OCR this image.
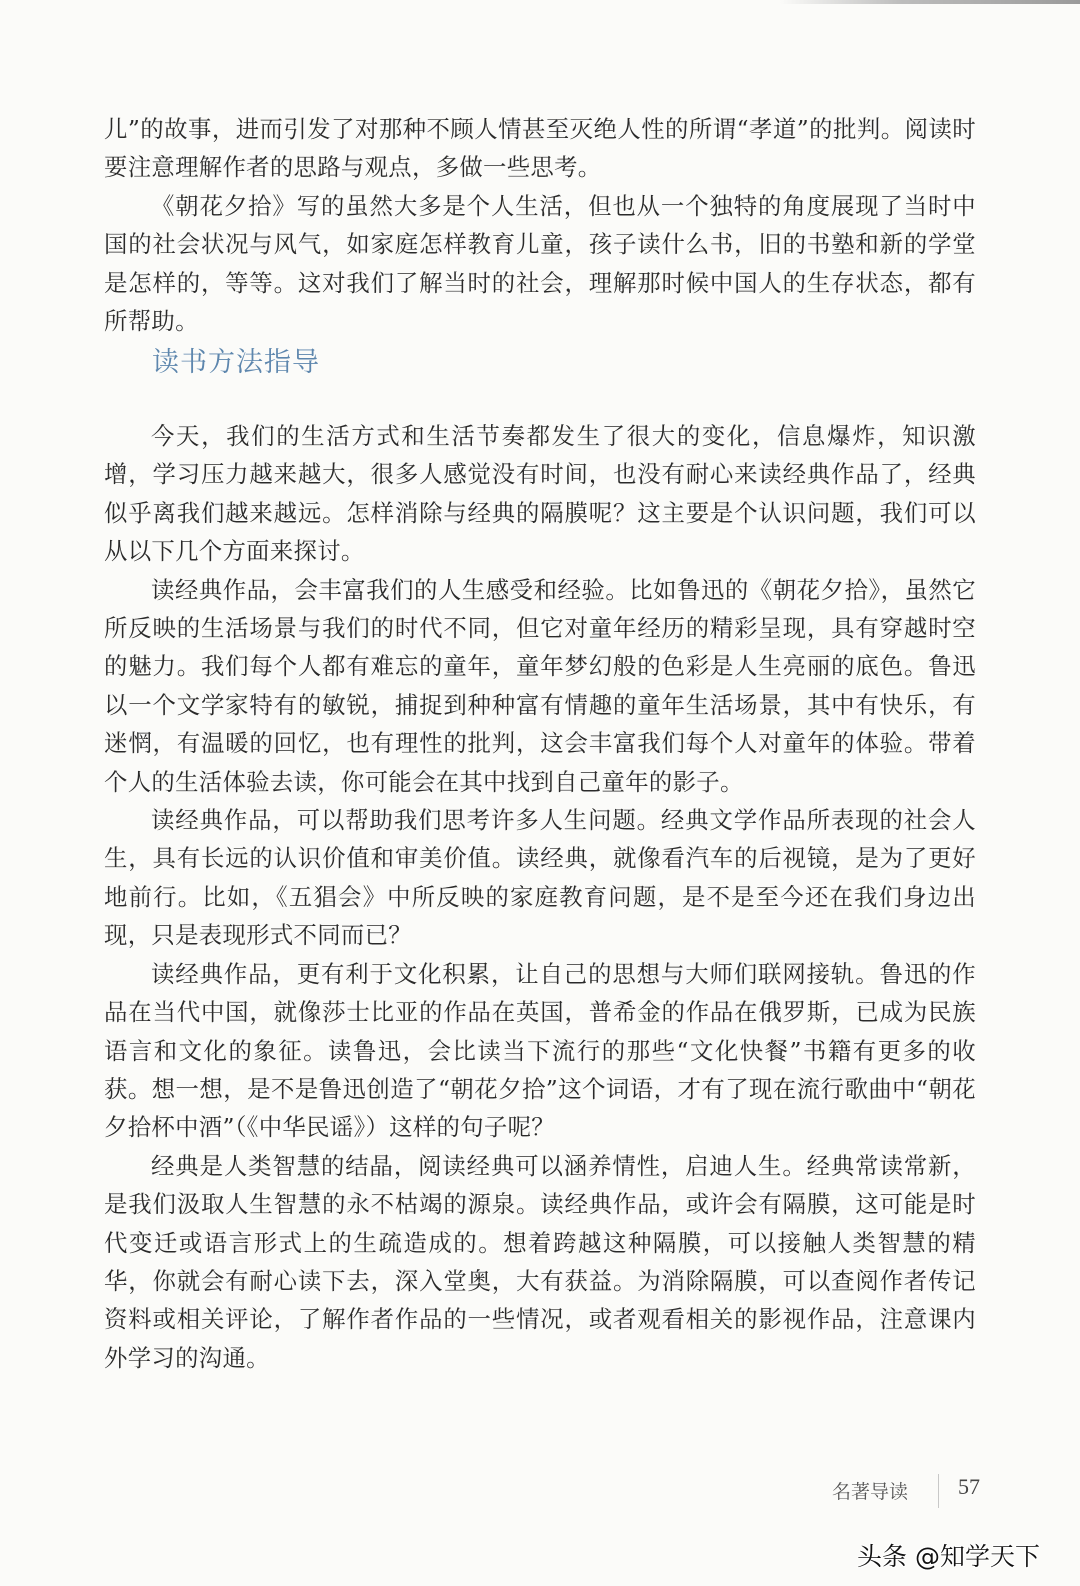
儿”的故事，进而引发了对那种不顾人情甚至灭绝人性的所谓“孝道”的批判。阅读时要注意理解作者的思路与观点，多做一些思考。

《朝花夕拾》写的虽然大多是个人生活，但也从一个独特的角度展现了当时中国的社会状况与风气，如家庭怎样教育儿童，孩子读什么书，旧的书塾和新的学堂是怎样的，等等。这对我们了解当时的社会，理解那时候中国人的生存状态，都有所帮助。

读书方法指导

今天，我们的生活方式和生活节奏都发生了很大的变化，信息爆炸，知识激增，学习压力越来越大，很多人感觉没有时间，也没有耐心来读经典作品了，经典似乎离我们越来越远。怎样消除与经典的隔膜呢？这主要是个认识问题，我们可以从以下几个方面来探讨。

读经典作品，会丰富我们的人生感受和经验。比如鲁迅的《朝花夕拾》，虽然它所反映的生活场景与我们的时代不同，但它对童年经历的精彩呈现，具有穿越时空的魅力。我们每个人都有难忘的童年，童年梦幻般的色彩是人生亮丽的底色。鲁迅以一个文学家特有的敏锐，捕捉到种种富有情趣的童年生活场景，其中有快乐，有迷惘，有温暖的回忆，也有理性的批判，这会丰富我们每个人对童年的体验。带着个人的生活体验去读，你可能会在其中找到自己童年的影子。

读经典作品，可以帮助我们思考许多人生问题。经典文学作品所表现的社会人生，具有长远的认识价值和审美价值。读经典，就像看汽车的后视镜，是为了更好地前行。比如，《五猖会》中所反映的家庭教育问题，是不是至今还在我们身边出现，只是表现形式不同而已？

读经典作品，更有利于文化积累，让自己的思想与大师们联网接轨。鲁迅的作品在当代中国，就像莎士比亚的作品在英国，普希金的作品在俄罗斯，已成为民族语言和文化的象征。读鲁迅，会比读当下流行的那些“文化快餐”书籍有更多的收获。想一想，是不是鲁迅创造了“朝花夕拾”这个词语，才有了现在流行歌曲中“朝花夕拾杯中酒”（《中华民谣》）这样的句子呢？

经典是人类智慧的结晶，阅读经典可以涵养情性，启迪人生。经典常读常新，是我们汲取人生智慧的永不枯竭的源泉。读经典作品，或许会有隔膜，这可能是时代变迁或语言形式上的生疏造成的。想着跨越这种隔膜，可以接触人类智慧的精华，你就会有耐心读下去，深入堂奥，大有获益。为消除隔膜，可以查阅作者传记资料或相关评论，了解作者作品的一些情况，或者观看相关的影视作品，注意课内外学习的沟通。

名著导读 57
头条 @知学天下
